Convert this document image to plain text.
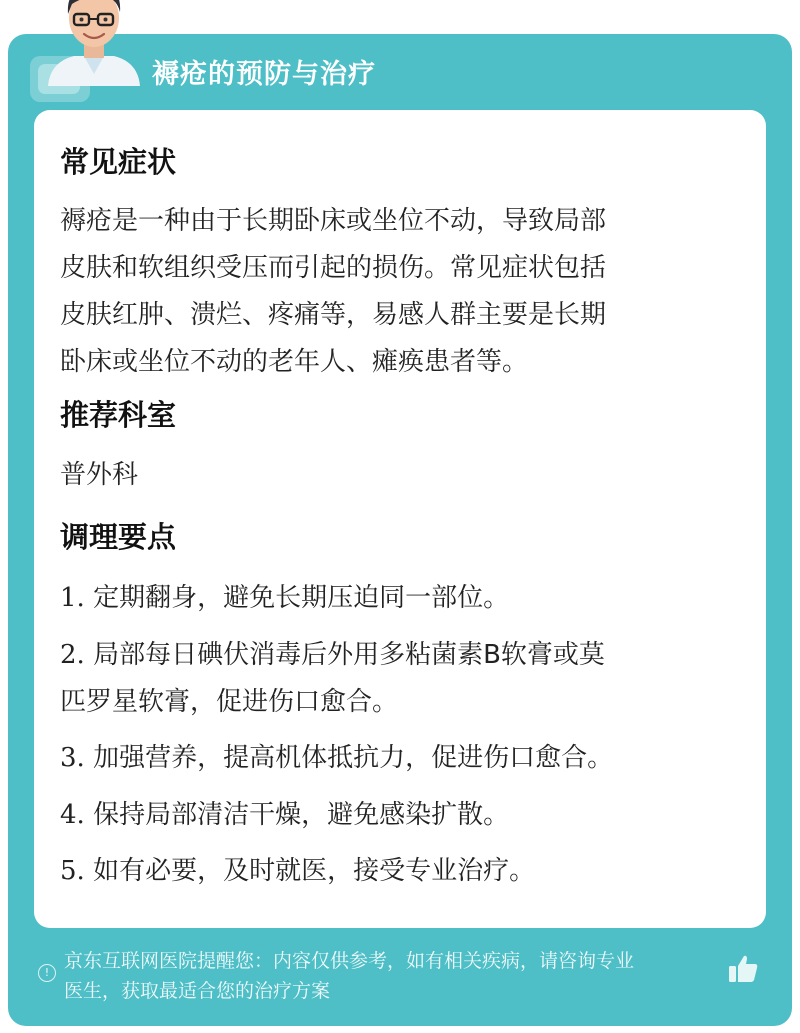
褥疮的预防与治疗
常见症状
褥疮是一种由于长期卧床或坐位不动，导致局部
皮肤和软组织受压而引起的损伤。常见症状包括
皮肤红肿、溃烂、疼痛等，易感人群主要是长期
卧床或坐位不动的老年人、瘫痪患者等。
推荐科室
普外科
调理要点
1. 定期翻身，避免长期压迫同一部位。
2. 局部每日碘伏消毒后外用多粘菌素B软膏或莫
匹罗星软膏，促进伤口愈合。
3. 加强营养，提高机体抵抗力，促进伤口愈合。
4. 保持局部清洁干燥，避免感染扩散。
5. 如有必要，及时就医，接受专业治疗。
!
京东互联网医院提醒您：内容仅供参考，如有相关疾病，请咨询专业
医生，获取最适合您的治疗方案
